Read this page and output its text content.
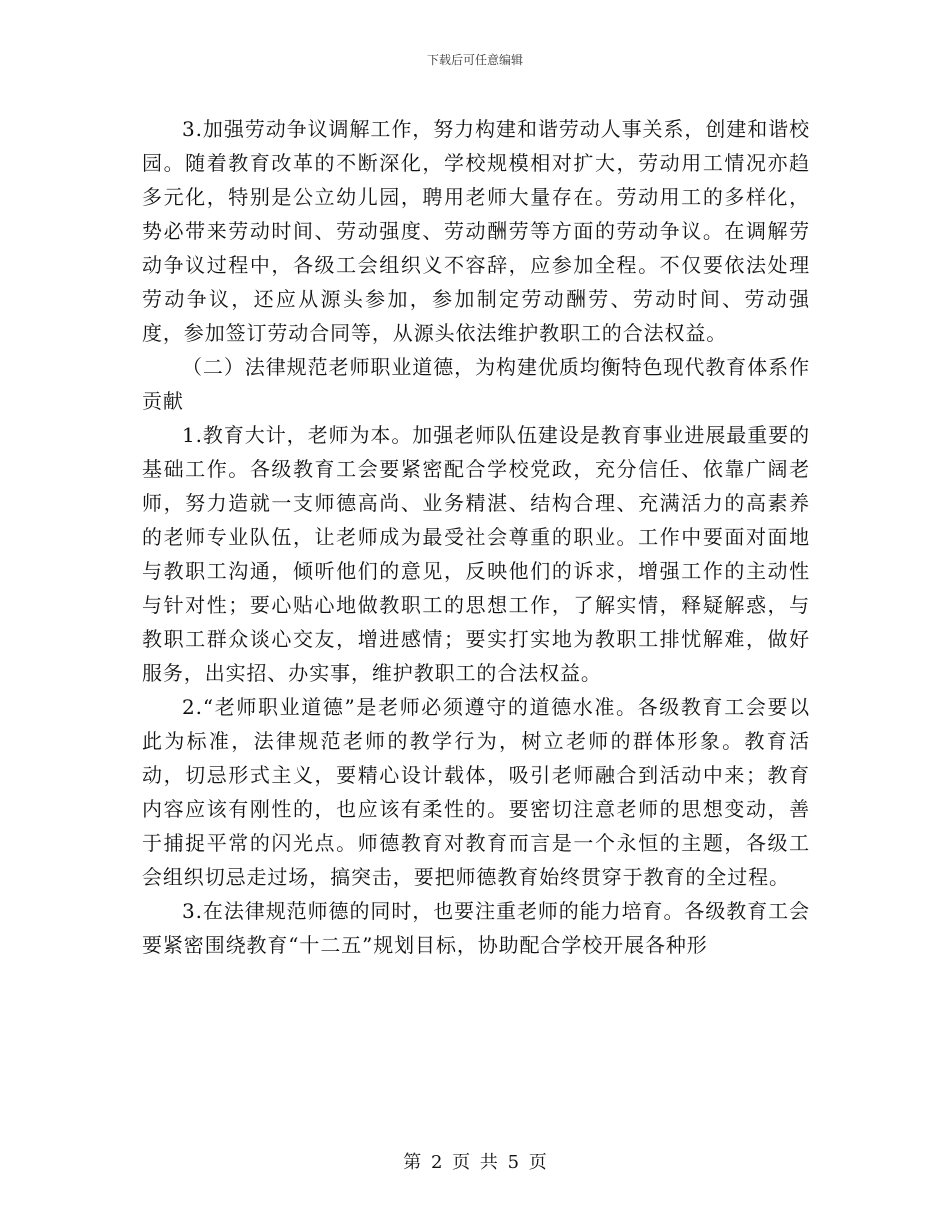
下载后可任意编辑

3.加强劳动争议调解工作，努力构建和谐劳动人事关系，创建和谐校园。随着教育改革的不断深化，学校规模相对扩大，劳动用工情况亦趋多元化，特别是公立幼儿园，聘用老师大量存在。劳动用工的多样化，势必带来劳动时间、劳动强度、劳动酬劳等方面的劳动争议。在调解劳动争议过程中，各级工会组织义不容辞，应参加全程。不仅要依法处理劳动争议，还应从源头参加，参加制定劳动酬劳、劳动时间、劳动强度，参加签订劳动合同等，从源头依法维护教职工的合法权益。

（二）法律规范老师职业道德，为构建优质均衡特色现代教育体系作贡献

1.教育大计，老师为本。加强老师队伍建设是教育事业进展最重要的基础工作。各级教育工会要紧密配合学校党政，充分信任、依靠广阔老师，努力造就一支师德高尚、业务精湛、结构合理、充满活力的高素养的老师专业队伍，让老师成为最受社会尊重的职业。工作中要面对面地与教职工沟通，倾听他们的意见，反映他们的诉求，增强工作的主动性与针对性；要心贴心地做教职工的思想工作，了解实情，释疑解惑，与教职工群众谈心交友，增进感情；要实打实地为教职工排忧解难，做好服务，出实招、办实事，维护教职工的合法权益。

2.“老师职业道德”是老师必须遵守的道德水准。各级教育工会要以此为标准，法律规范老师的教学行为，树立老师的群体形象。教育活动，切忌形式主义，要精心设计载体，吸引老师融合到活动中来；教育内容应该有刚性的，也应该有柔性的。要密切注意老师的思想变动，善于捕捉平常的闪光点。师德教育对教育而言是一个永恒的主题，各级工会组织切忌走过场，搞突击，要把师德教育始终贯穿于教育的全过程。

3.在法律规范师德的同时，也要注重老师的能力培育。各级教育工会要紧密围绕教育“十二五”规划目标，协助配合学校开展各种形

第 2 页 共 5 页
